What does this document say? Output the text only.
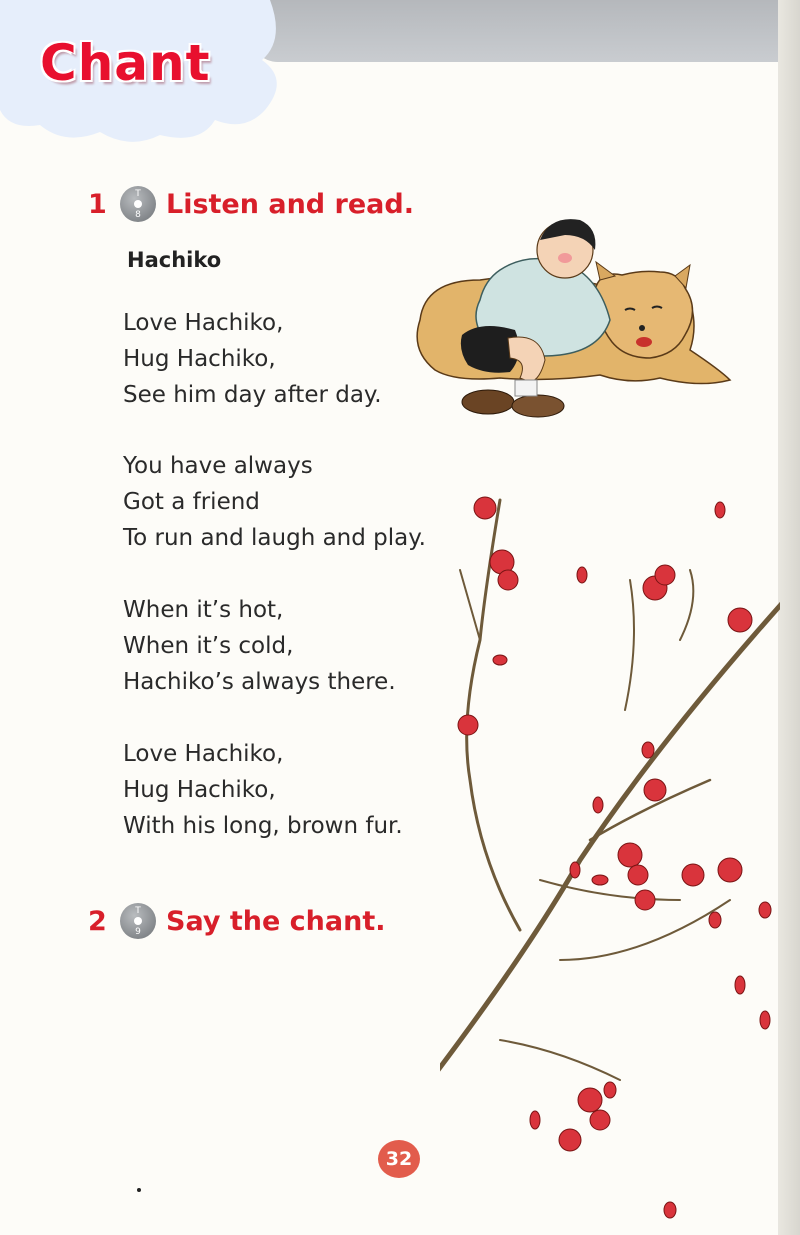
Chant
1	T
8 Listen and read.
Hachiko
Love Hachiko,
Hug Hachiko,
See him day after day.
You have always
Got a friend
To run and laugh and play.
When it’s hot,
When it’s cold,
Hachiko’s always there.
Love Hachiko,
Hug Hachiko,
With his long, brown fur.
2	T
9 Say the chant.
32
